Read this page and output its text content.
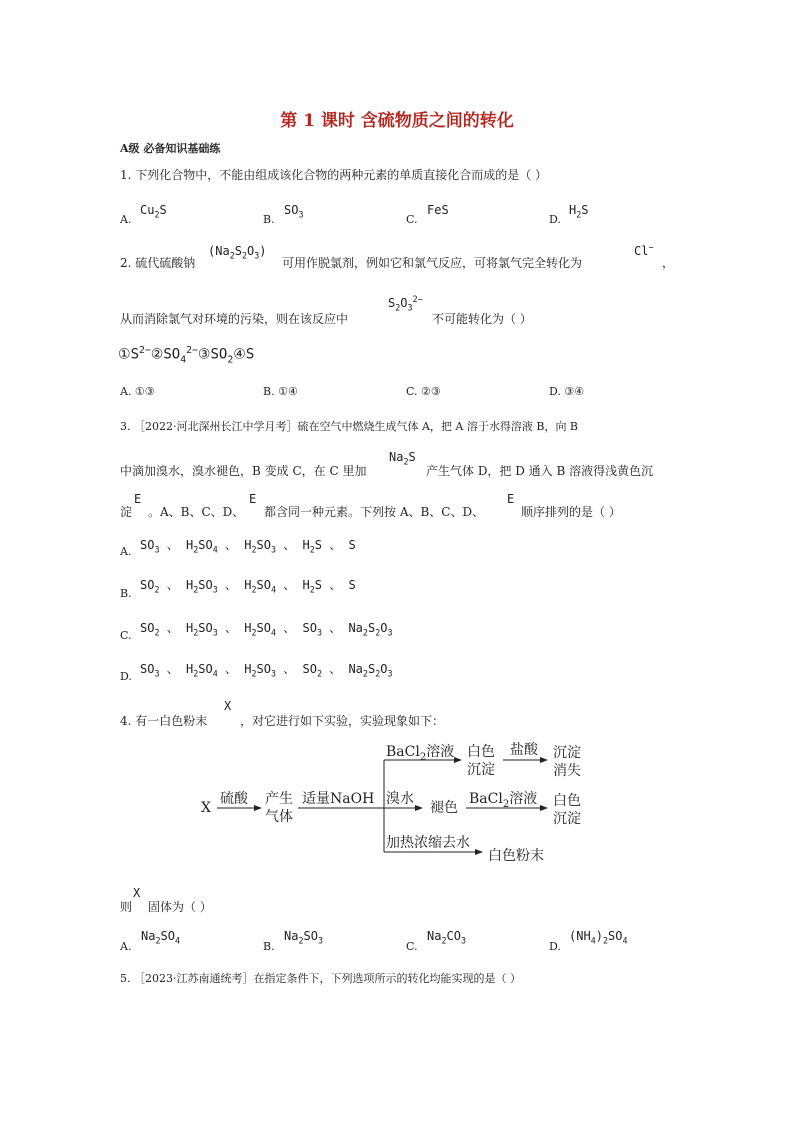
第 1 课时 含硫物质之间的转化
A级 必备知识基础练
1. 下列化合物中，不能由组成该化合物的两种元素的单质直接化合而成的是（ ）
A.
$Cu_2S$
B.
$SO_3$	C.
FeS
D.
$H_2S$
2. 硫代硫酸钠
$(Na_2S_2O_3)$
可用作脱氯剂，例如它和氯气反应，可将氯气完全转化为
Cl−
，
从而消除氯气对环境的污染，则在该反应中
$S_2O_3^{2-}$
不可能转化为（ ）
$①S^{2-}②SO_4^{2-}③SO_2④S$
A. ①③	B. ①④	C. ②③	D. ③④
3. ［2022·河北深州长江中学月考］硫在空气中燃烧生成气体 A，把 A 溶于水得溶液 B，向 B
中滴加溴水，溴水褪色，B 变成 C，在 C 里加
$Na_2S$
产生气体 D，把 D 通入 B 溶液得浅黄色沉
淀
E
。A、B、C、D、
E
都含同一种元素。下列按 A、B、C、D、
E
顺序排列的是（ ）
A. $SO_3$ 、 $H_2SO_4$ 、 $H_2SO_3$ 、 $H_2S$ 、 S
B.
$SO_2$ 、 $H_2SO_3$ 、 $H_2SO_4$ 、 $H_2S$ 、 S
C.
$SO_2$ 、 $H_2SO_3$ 、 $H_2SO_4$ 、 $SO_3$ 、 $Na_2S_2O_3$
D.
$SO_3$ 、 $H_2SO_4$ 、 $H_2SO_3$ 、 $SO_2$ 、 $Na_2S_2O_3$
4. 有一白色粉末
X
，对它进行如下实验，实验现象如下：
X
硫酸 产生
气体
适量NaOH
BaCl$_2$溶液 白色
沉淀
盐酸 沉淀
消失
溴水
褪色
BaCl$_2$溶液 白色
沉淀
加热浓缩去水
白色粉末
则
X
固体为（ ）
A.
$Na_2SO_4$	B.
$Na_2SO_3$	C.
$Na_2CO_3$	D.
$(NH_4)_2SO_4$
5. ［2023·江苏南通统考］在指定条件下，下列选项所示的转化均能实现的是（ ）
